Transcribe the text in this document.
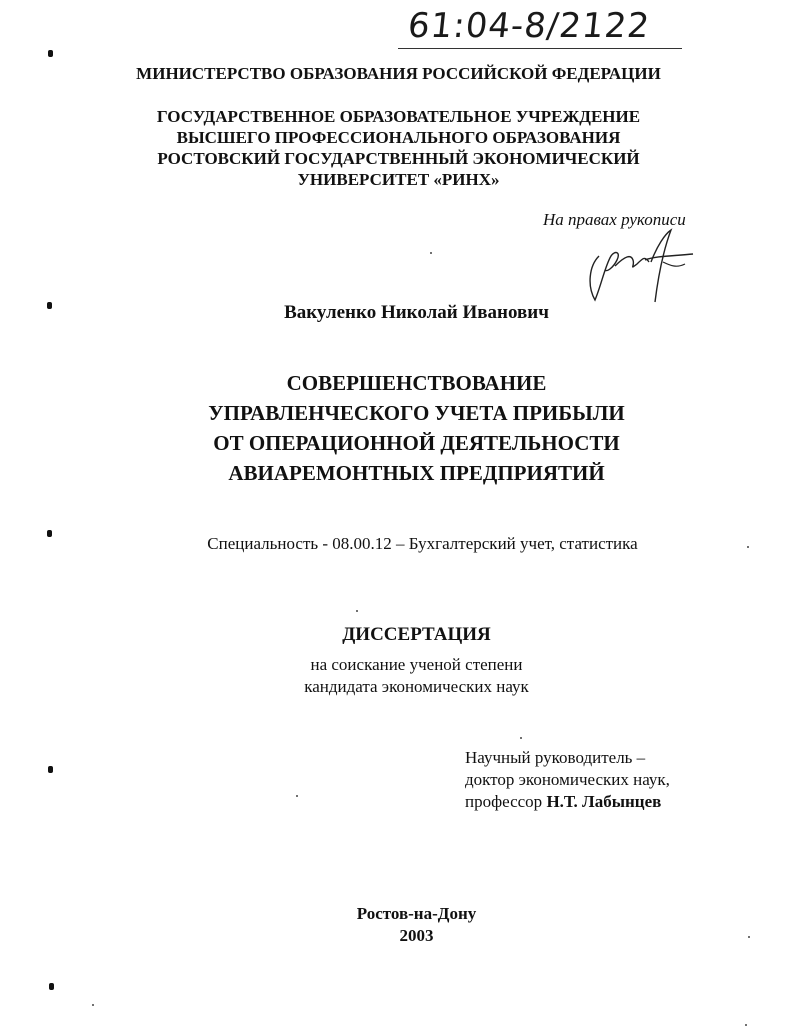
61:04-8/2122
МИНИСТЕРСТВО ОБРАЗОВАНИЯ РОССИЙСКОЙ ФЕДЕРАЦИИ
ГОСУДАРСТВЕННОЕ ОБРАЗОВАТЕЛЬНОЕ УЧРЕЖДЕНИЕ
ВЫСШЕГО ПРОФЕССИОНАЛЬНОГО ОБРАЗОВАНИЯ
РОСТОВСКИЙ ГОСУДАРСТВЕННЫЙ ЭКОНОМИЧЕСКИЙ
УНИВЕРСИТЕТ «РИНХ»
На правах рукописи
Вакуленко Николай Иванович
СОВЕРШЕНСТВОВАНИЕ
УПРАВЛЕНЧЕСКОГО УЧЕТА ПРИБЫЛИ
ОТ ОПЕРАЦИОННОЙ ДЕЯТЕЛЬНОСТИ
АВИАРЕМОНТНЫХ ПРЕДПРИЯТИЙ
Специальность - 08.00.12 – Бухгалтерский учет, статистика
ДИССЕРТАЦИЯ
на соискание ученой степени
кандидата экономических наук
Научный руководитель –
доктор экономических наук,
профессор Н.Т. Лабынцев
Ростов-на-Дону
2003
